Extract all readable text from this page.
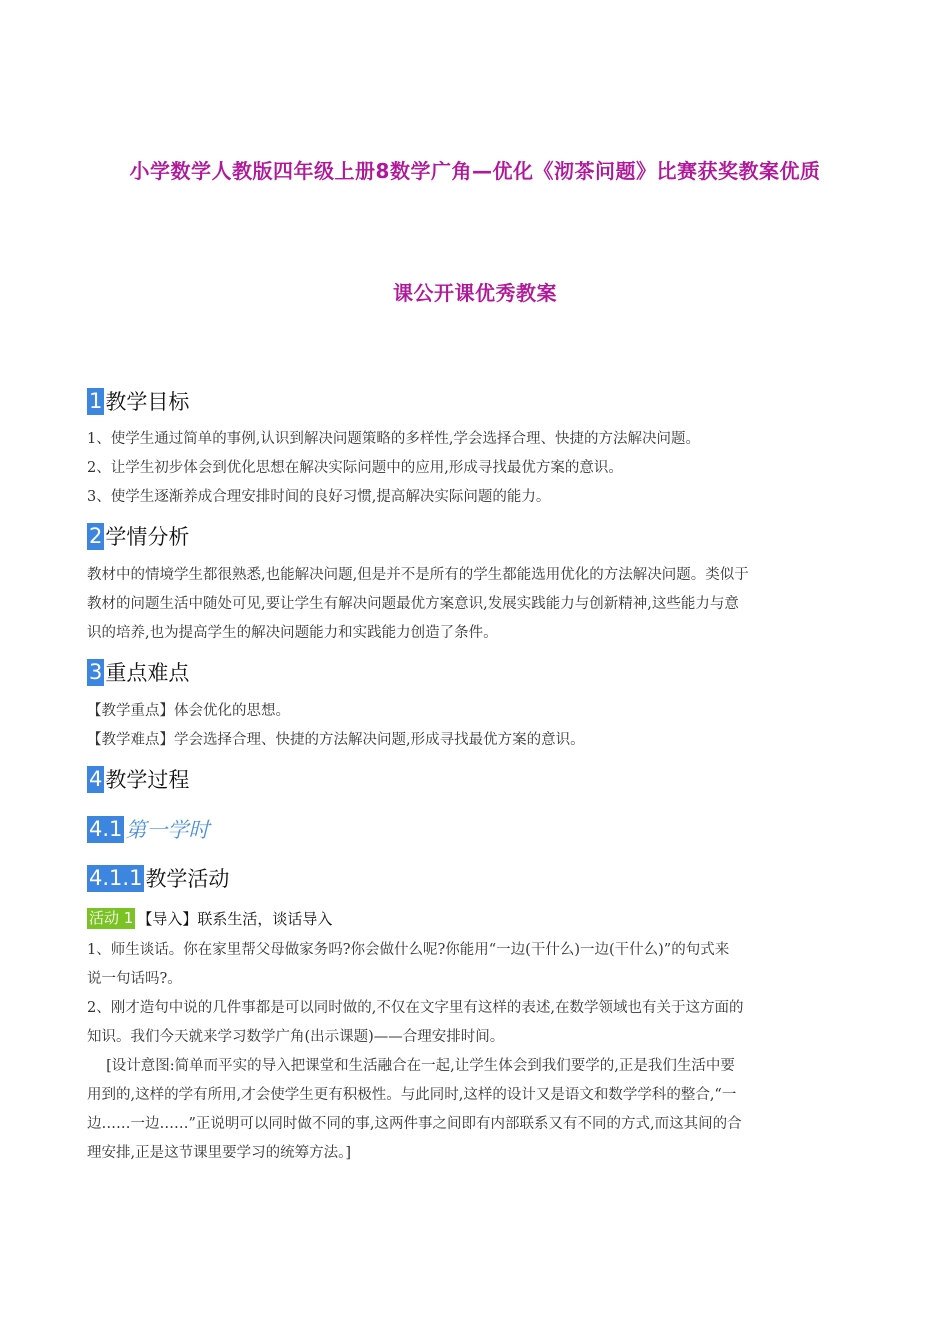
小学数学人教版四年级上册8数学广角—优化《沏茶问题》比赛获奖教案优质
课公开课优秀教案
1 教学目标
1、使学生通过简单的事例,认识到解决问题策略的多样性,学会选择合理、快捷的方法解决问题。
2、让学生初步体会到优化思想在解决实际问题中的应用,形成寻找最优方案的意识。
3、使学生逐渐养成合理安排时间的良好习惯,提高解决实际问题的能力。
2 学情分析
教材中的情境学生都很熟悉,也能解决问题,但是并不是所有的学生都能选用优化的方法解决问题。类似于
教材的问题生活中随处可见,要让学生有解决问题最优方案意识,发展实践能力与创新精神,这些能力与意
识的培养,也为提高学生的解决问题能力和实践能力创造了条件。
3 重点难点
【教学重点】体会优化的思想。
【教学难点】学会选择合理、快捷的方法解决问题,形成寻找最优方案的意识。
4 教学过程
4.1 第一学时
4.1.1 教学活动
活动 1 【导入】联系生活，谈话导入
1、师生谈话。你在家里帮父母做家务吗?你会做什么呢?你能用“一边(干什么)一边(干什么)”的句式来
说一句话吗?。
2、刚才造句中说的几件事都是可以同时做的,不仅在文字里有这样的表述,在数学领域也有关于这方面的
知识。我们今天就来学习数学广角(出示课题)——合理安排时间。
　 [设计意图:简单而平实的导入把课堂和生活融合在一起,让学生体会到我们要学的,正是我们生活中要
用到的,这样的学有所用,才会使学生更有积极性。与此同时,这样的设计又是语文和数学学科的整合,“一
边……一边……”正说明可以同时做不同的事,这两件事之间即有内部联系又有不同的方式,而这其间的合
理安排,正是这节课里要学习的统筹方法。]
